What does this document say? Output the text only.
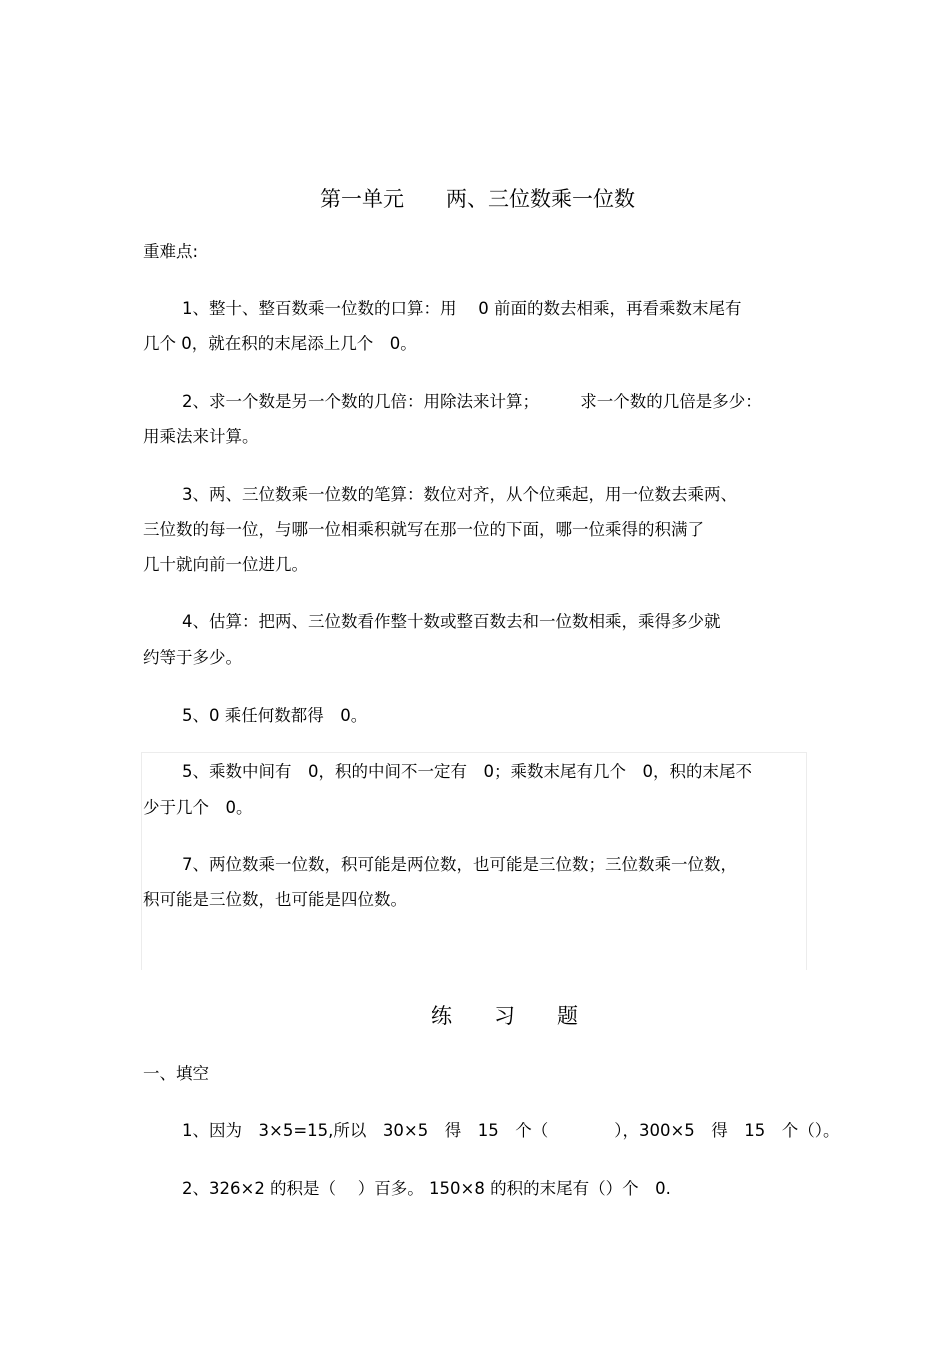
第一单元　　两、三位数乘一位数
重难点:
1、整十、整百数乘一位数的口算：用　 0 前面的数去相乘，再看乘数末尾有
几个 0，就在积的末尾添上几个　0。
2、求一个数是另一个数的几倍：用除法来计算；　　　求一个数的几倍是多少：
用乘法来计算。
3、两、三位数乘一位数的笔算：数位对齐，从个位乘起，用一位数去乘两、
三位数的每一位，与哪一位相乘积就写在那一位的下面，哪一位乘得的积满了
几十就向前一位进几。
4、估算：把两、三位数看作整十数或整百数去和一位数相乘，乘得多少就
约等于多少。
5、0 乘任何数都得　0。
5、乘数中间有　0，积的中间不一定有　0；乘数末尾有几个　0，积的末尾不
少于几个　0。
7、两位数乘一位数，积可能是两位数，也可能是三位数；三位数乘一位数，
积可能是三位数，也可能是四位数。
练　　习　　题
一、填空
1、因为　3×5=15,所以　30×5　得　15　个（　　　　），300×5　得　15　个（）。
2、326×2 的积是（　 ）百多。 150×8 的积的末尾有（）个　0.
